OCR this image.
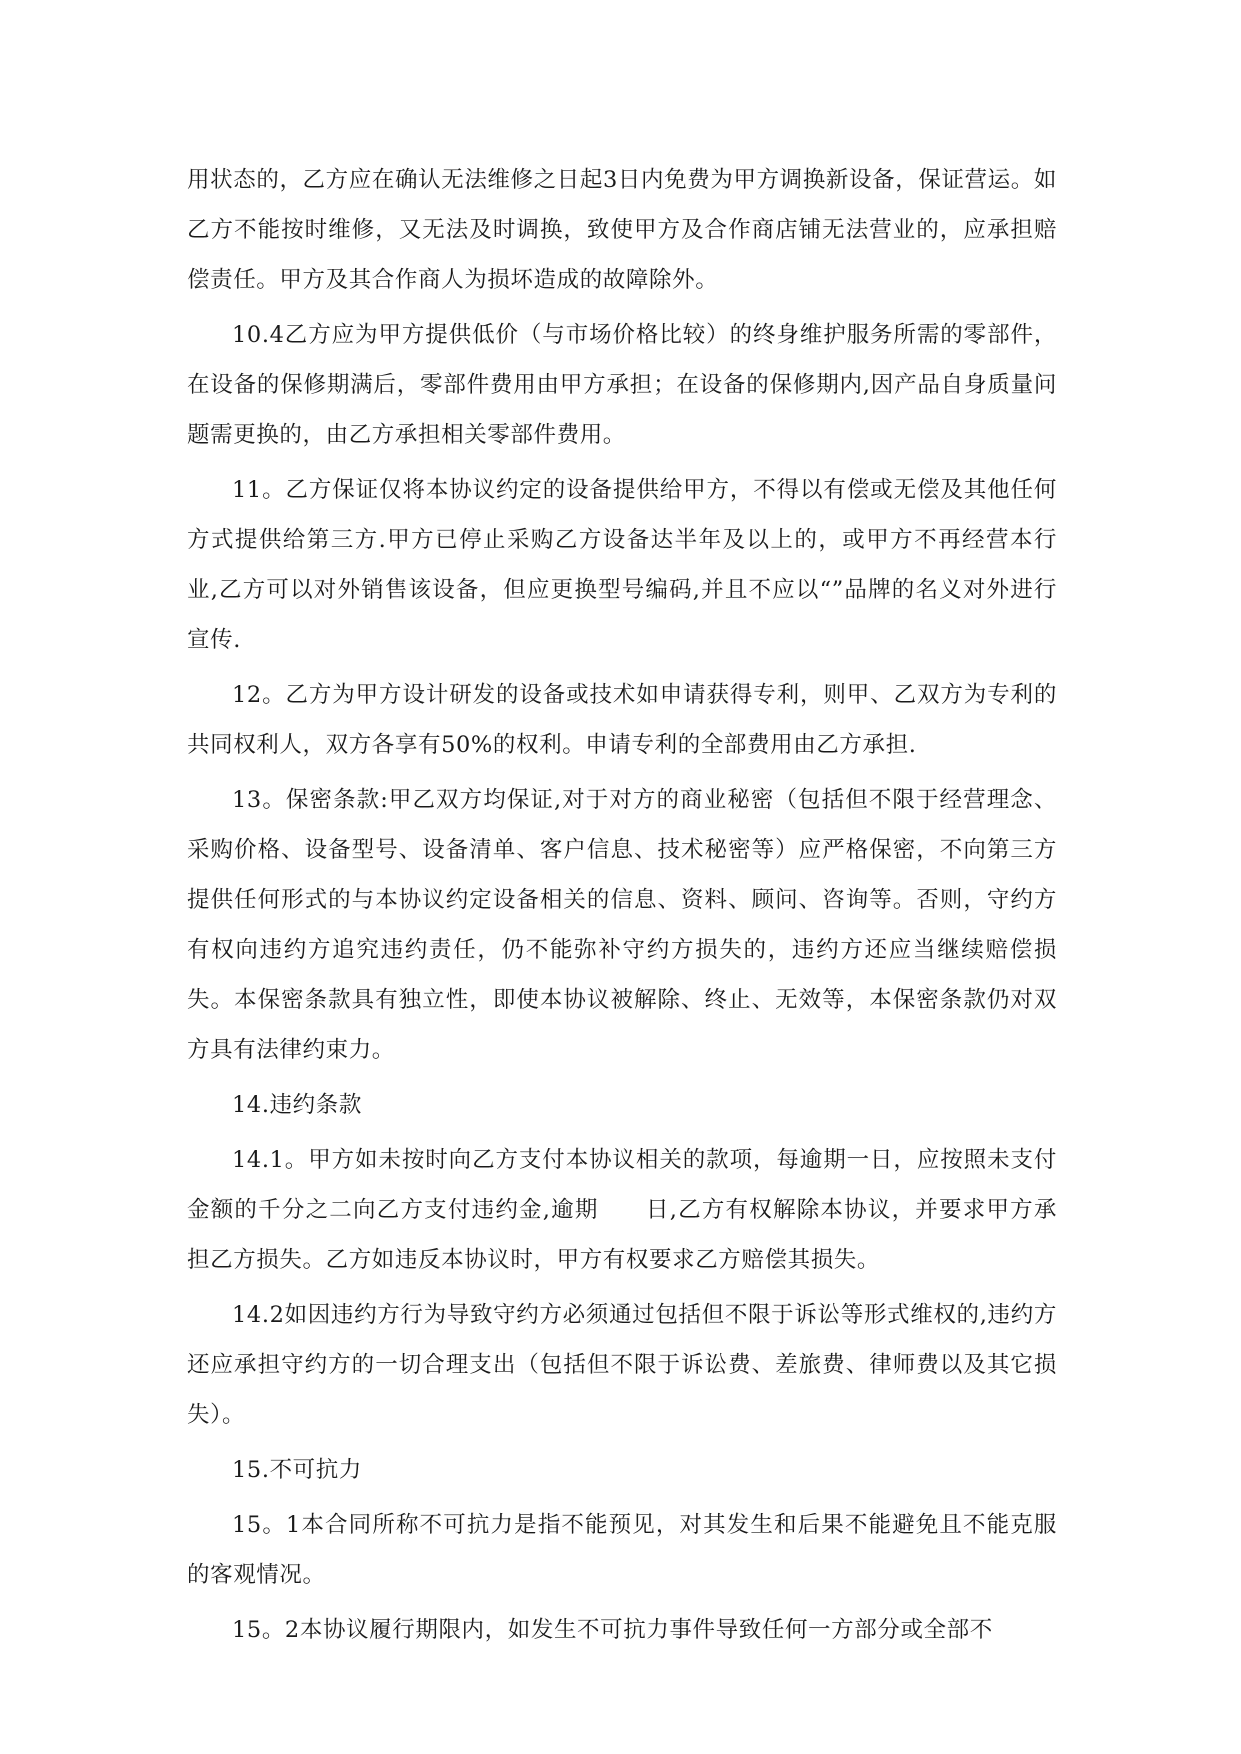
用状态的，乙方应在确认无法维修之日起3日内免费为甲方调换新设备，保证营运。如乙方不能按时维修，又无法及时调换，致使甲方及合作商店铺无法营业的，应承担赔偿责任。甲方及其合作商人为损坏造成的故障除外。

10.4乙方应为甲方提供低价（与市场价格比较）的终身维护服务所需的零部件，在设备的保修期满后，零部件费用由甲方承担；在设备的保修期内,因产品自身质量问题需更换的，由乙方承担相关零部件费用。

11。乙方保证仅将本协议约定的设备提供给甲方，不得以有偿或无偿及其他任何方式提供给第三方.甲方已停止采购乙方设备达半年及以上的，或甲方不再经营本行业,乙方可以对外销售该设备，但应更换型号编码,并且不应以“”品牌的名义对外进行宣传.

12。乙方为甲方设计研发的设备或技术如申请获得专利，则甲、乙双方为专利的共同权利人，双方各享有50%的权利。申请专利的全部费用由乙方承担.

13。保密条款:甲乙双方均保证,对于对方的商业秘密（包括但不限于经营理念、采购价格、设备型号、设备清单、客户信息、技术秘密等）应严格保密，不向第三方提供任何形式的与本协议约定设备相关的信息、资料、顾问、咨询等。否则，守约方有权向违约方追究违约责任，仍不能弥补守约方损失的，违约方还应当继续赔偿损失。本保密条款具有独立性，即使本协议被解除、终止、无效等，本保密条款仍对双方具有法律约束力。

14.违约条款

14.1。甲方如未按时向乙方支付本协议相关的款项，每逾期一日，应按照未支付金额的千分之二向乙方支付违约金,逾期　　日,乙方有权解除本协议，并要求甲方承担乙方损失。乙方如违反本协议时，甲方有权要求乙方赔偿其损失。

14.2如因违约方行为导致守约方必须通过包括但不限于诉讼等形式维权的,违约方还应承担守约方的一切合理支出（包括但不限于诉讼费、差旅费、律师费以及其它损失）。

15.不可抗力

15。1本合同所称不可抗力是指不能预见，对其发生和后果不能避免且不能克服的客观情况。

15。2本协议履行期限内，如发生不可抗力事件导致任何一方部分或全部不
